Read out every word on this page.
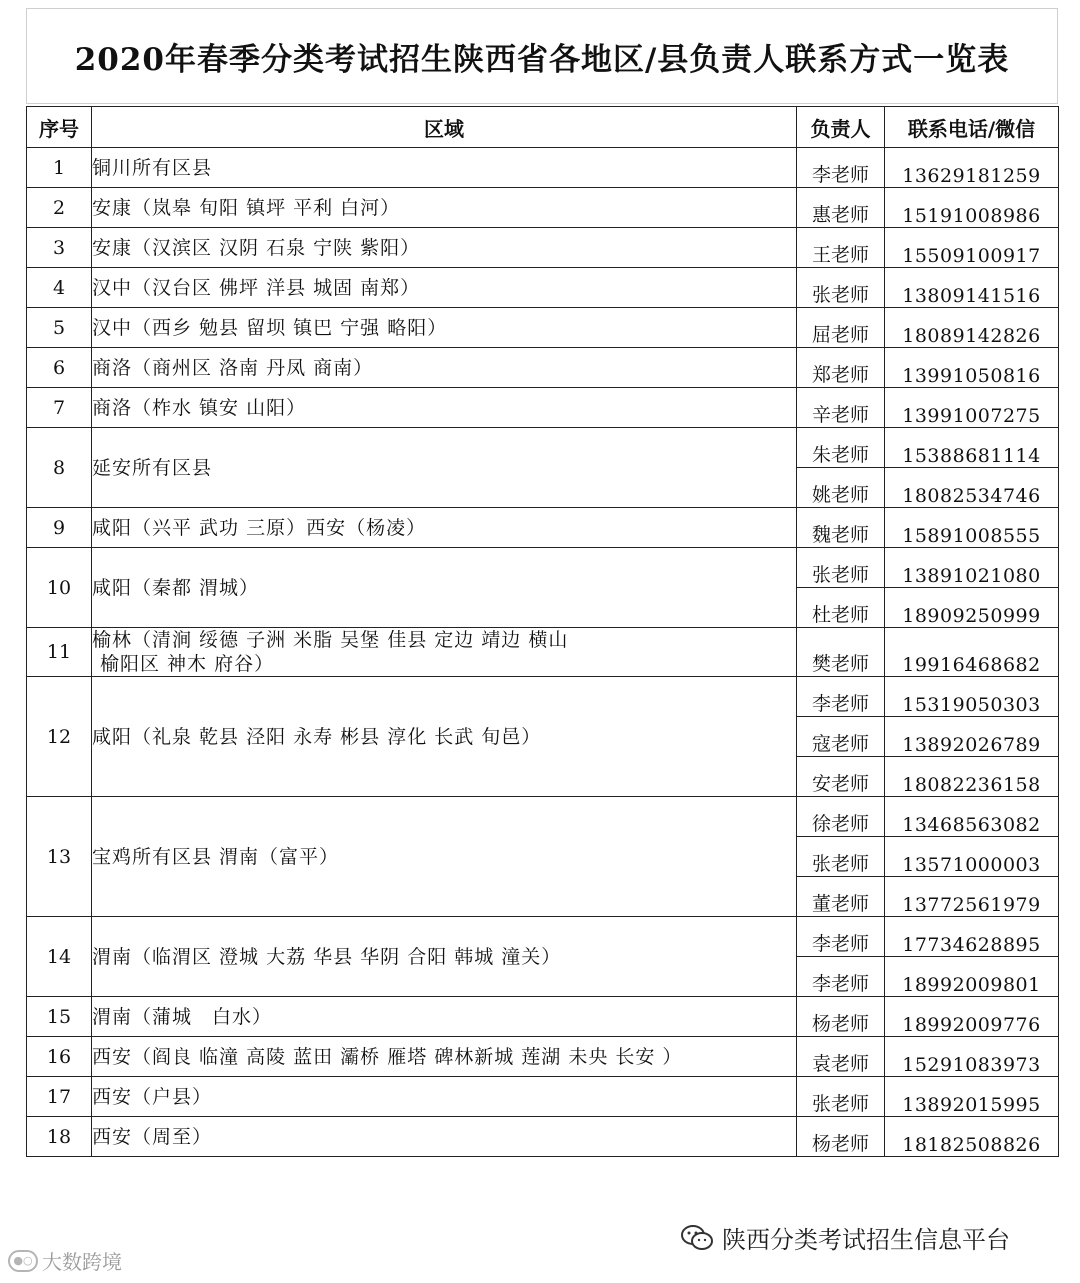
2020年春季分类考试招生陕西省各地区/县负责人联系方式一览表
序号	区域	负责人	联系电话/微信
1	铜川所有区县	李老师	13629181259
2	安康（岚皋 旬阳 镇坪 平利 白河）	惠老师	15191008986
3	安康（汉滨区 汉阴 石泉 宁陕 紫阳）	王老师	15509100917
4	汉中（汉台区 佛坪 洋县 城固 南郑）	张老师	13809141516
5	汉中（西乡 勉县 留坝 镇巴 宁强 略阳）	屈老师	18089142826
6	商洛（商州区 洛南 丹凤 商南）	郑老师	13991050816
7	商洛（柞水 镇安 山阳）	辛老师	13991007275
8	延安所有区县	朱老师	15388681114
		姚老师	18082534746
9	咸阳（兴平 武功 三原）西安（杨凌）	魏老师	15891008555
10	咸阳（秦都 渭城）	张老师	13891021080
		杜老师	18909250999
11	榆林（清涧 绥德 子洲 米脂 吴堡 佳县 定边 靖边 横山
榆阳区 神木 府谷）	樊老师	19916468682
12	咸阳（礼泉 乾县 泾阳 永寿 彬县 淳化 长武 旬邑）	李老师	15319050303
		寇老师	13892026789
		安老师	18082236158
13	宝鸡所有区县 渭南（富平）	徐老师	13468563082
		张老师	13571000003
		董老师	13772561979
14	渭南（临渭区 澄城 大荔 华县 华阴 合阳 韩城 潼关）	李老师	17734628895
		李老师	18992009801
15	渭南（蒲城　白水）	杨老师	18992009776
16	西安（阎良 临潼 高陵 蓝田 灞桥 雁塔 碑林新城 莲湖 未央 长安 ）	袁老师	15291083973
17	西安（户县）	张老师	13892015995
18	西安（周至）	杨老师	18182508826
●○ 大数跨境
陕西分类考试招生信息平台
